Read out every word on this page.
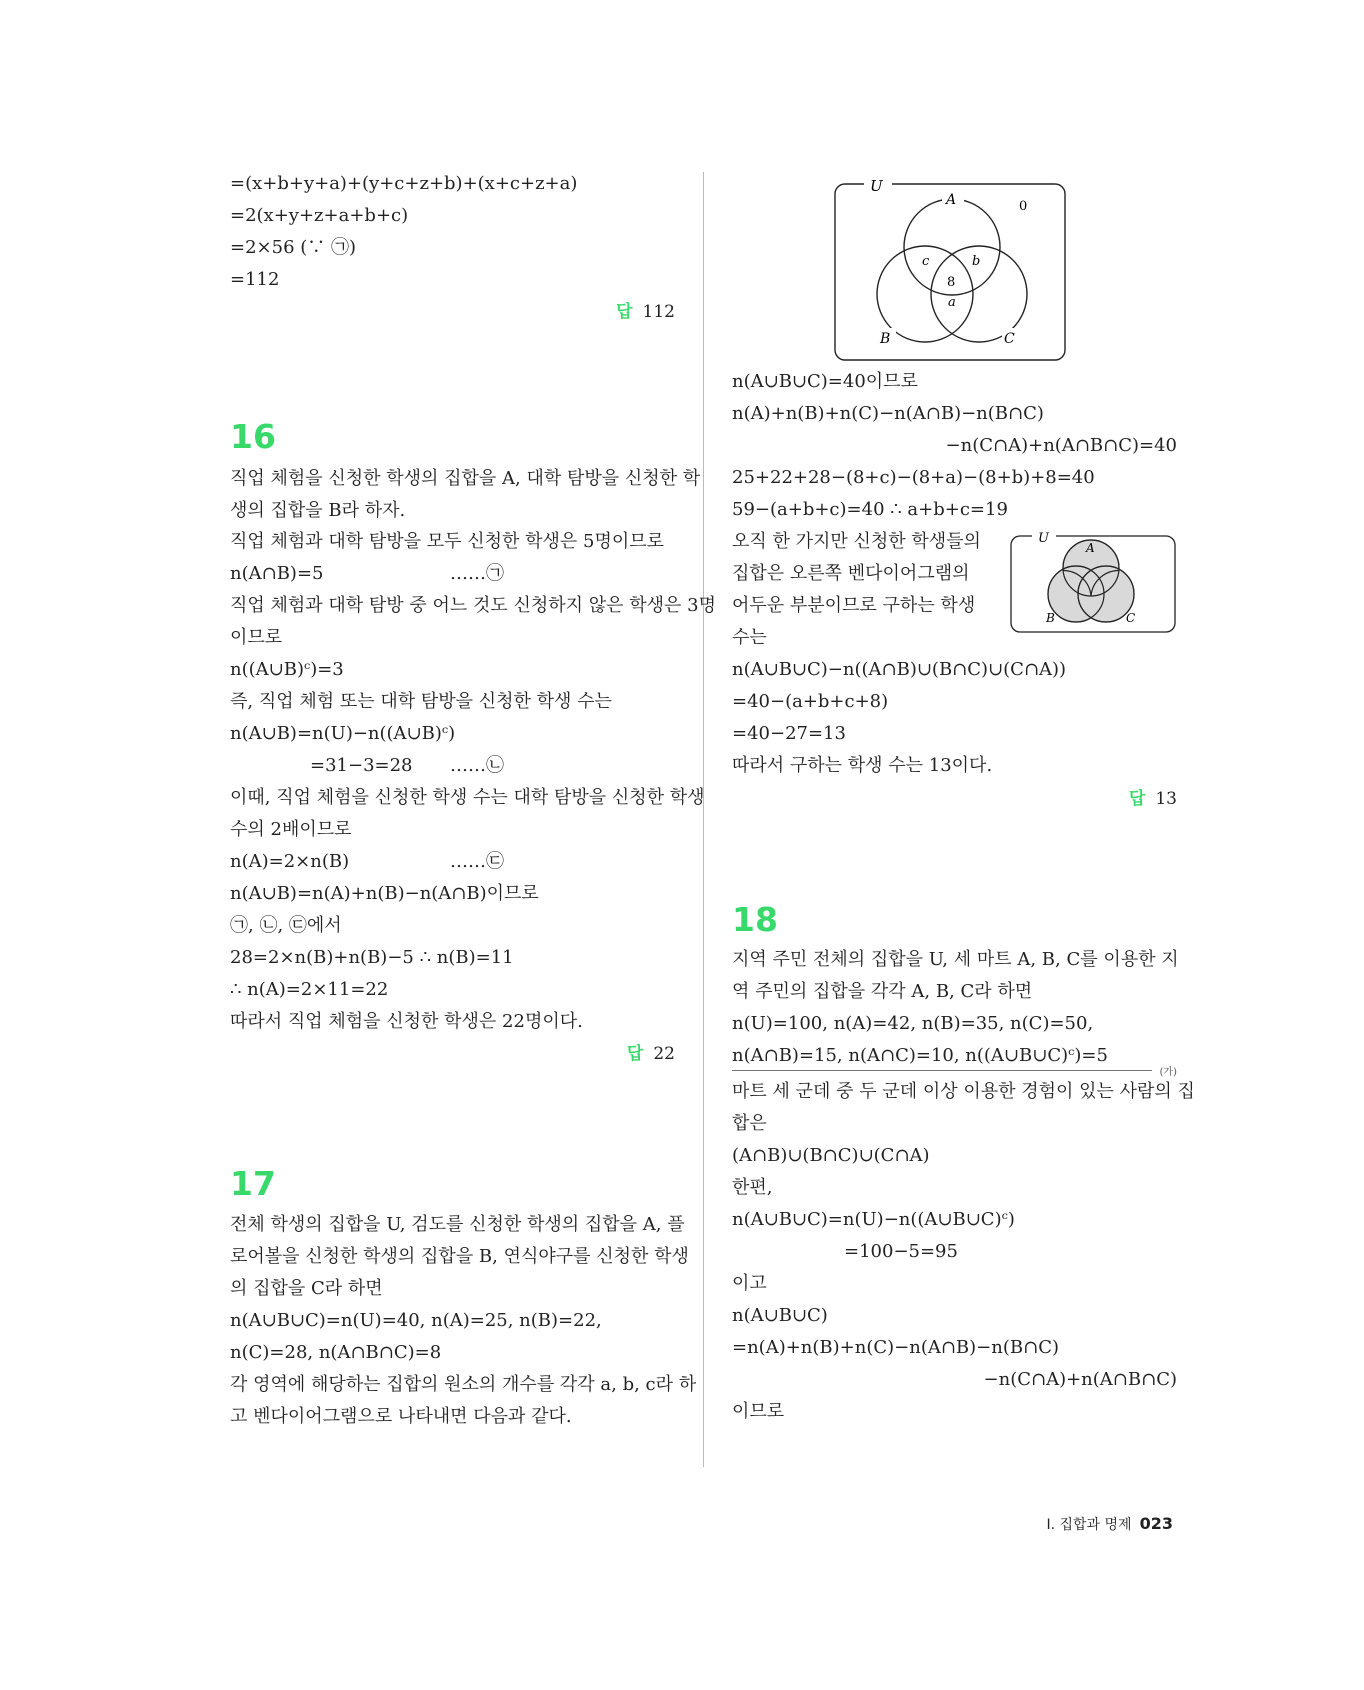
=(x+b+y+a)+(y+c+z+b)+(x+c+z+a)
=2(x+y+z+a+b+c)
=2×56 (∵ ㉠)
=112
답 112
16
직업 체험을 신청한 학생의 집합을 A, 대학 탐방을 신청한 학
생의 집합을 B라 하자.
직업 체험과 대학 탐방을 모두 신청한 학생은 5명이므로
n(A∩B)=5	……㉠
직업 체험과 대학 탐방 중 어느 것도 신청하지 않은 학생은 3명
이므로
n((A∪B)ᶜ)=3
즉, 직업 체험 또는 대학 탐방을 신청한 학생 수는
n(A∪B)=n(U)−n((A∪B)ᶜ)
=31−3=28 ……㉡
이때, 직업 체험을 신청한 학생 수는 대학 탐방을 신청한 학생
수의 2배이므로
n(A)=2×n(B)	……㉢
n(A∪B)=n(A)+n(B)−n(A∩B)이므로
㉠, ㉡, ㉢에서
28=2×n(B)+n(B)−5 ∴ n(B)=11
∴ n(A)=2×11=22
따라서 직업 체험을 신청한 학생은 22명이다.
답 22
17
전체 학생의 집합을 U, 검도를 신청한 학생의 집합을 A, 플
로어볼을 신청한 학생의 집합을 B, 연식야구를 신청한 학생
의 집합을 C라 하면
n(A∪B∪C)=n(U)=40, n(A)=25, n(B)=22,
n(C)=28, n(A∩B∩C)=8
각 영역에 해당하는 집합의 원소의 개수를 각각 a, b, c라 하
고 벤다이어그램으로 나타내면 다음과 같다.
U
A	0
B	C
c	b
8
a
n(A∪B∪C)=40이므로
n(A)+n(B)+n(C)−n(A∩B)−n(B∩C)
−n(C∩A)+n(A∩B∩C)=40
25+22+28−(8+c)−(8+a)−(8+b)+8=40
59−(a+b+c)=40 ∴ a+b+c=19
오직 한 가지만 신청한 학생들의
집합은 오른쪽 벤다이어그램의
어두운 부분이므로 구하는 학생
수는
U
A
B	C
n(A∪B∪C)−n((A∩B)∪(B∩C)∪(C∩A))
=40−(a+b+c+8)
=40−27=13
따라서 구하는 학생 수는 13이다.
답 13
18
지역 주민 전체의 집합을 U, 세 마트 A, B, C를 이용한 지
역 주민의 집합을 각각 A, B, C라 하면
n(U)=100, n(A)=42, n(B)=35, n(C)=50,
n(A∩B)=15, n(A∩C)=10, n((A∪B∪C)ᶜ)=5
(가)
마트 세 군데 중 두 군데 이상 이용한 경험이 있는 사람의 집
합은
(A∩B)∪(B∩C)∪(C∩A)
한편,
n(A∪B∪C)=n(U)−n((A∪B∪C)ᶜ)
=100−5=95
이고
n(A∪B∪C)
=n(A)+n(B)+n(C)−n(A∩B)−n(B∩C)
−n(C∩A)+n(A∩B∩C)
이므로
I. 집합과 명제 023
